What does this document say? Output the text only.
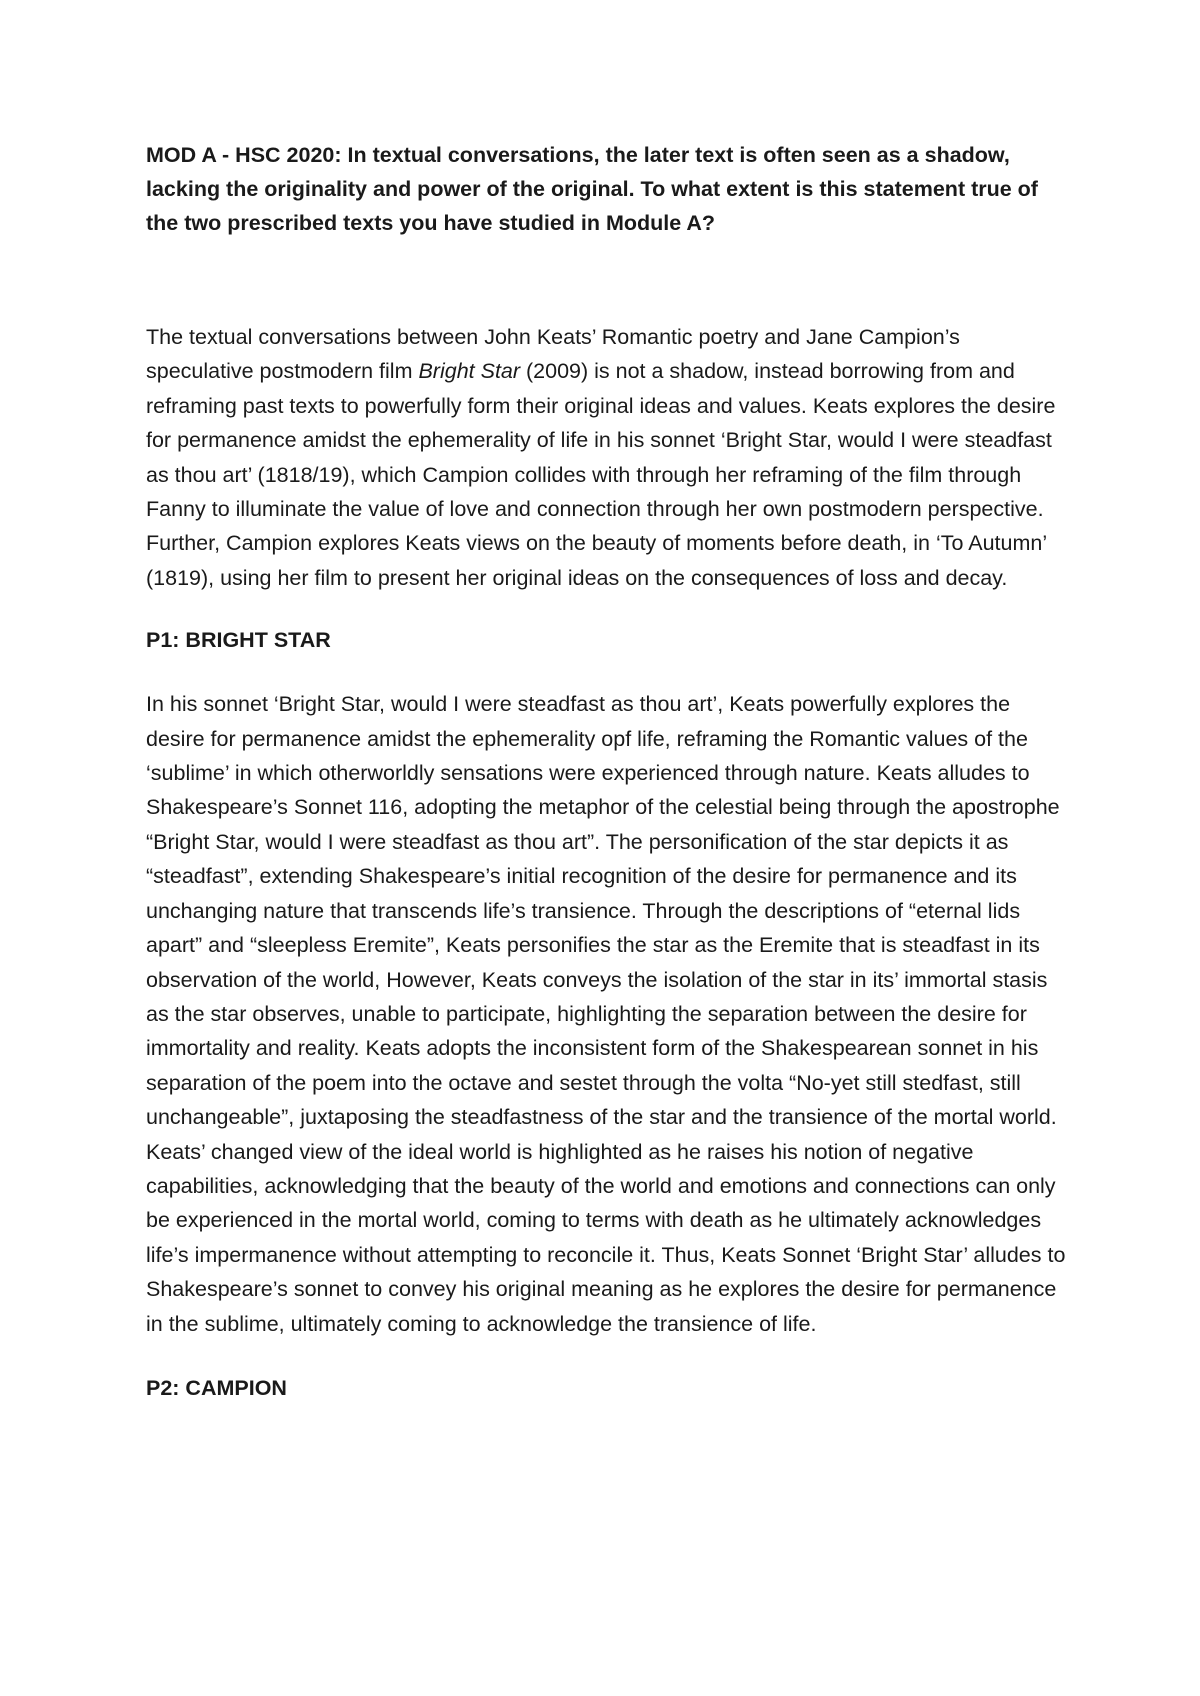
MOD A - HSC 2020: In textual conversations, the later text is often seen as a shadow, lacking the originality and power of the original. To what extent is this statement true of the two prescribed texts you have studied in Module A?

The textual conversations between John Keats’ Romantic poetry and Jane Campion’s speculative postmodern film Bright Star (2009) is not a shadow, instead borrowing from and reframing past texts to powerfully form their original ideas and values. Keats explores the desire for permanence amidst the ephemerality of life in his sonnet ‘Bright Star, would I were steadfast as thou art’ (1818/19), which Campion collides with through her reframing of the film through Fanny to illuminate the value of love and connection through her own postmodern perspective. Further, Campion explores Keats views on the beauty of moments before death, in ‘To Autumn’ (1819), using her film to present her original ideas on the consequences of loss and decay.

P1: BRIGHT STAR

In his sonnet ‘Bright Star, would I were steadfast as thou art’, Keats powerfully explores the desire for permanence amidst the ephemerality opf life, reframing the Romantic values of the ‘sublime’ in which otherworldly sensations were experienced through nature. Keats alludes to Shakespeare’s Sonnet 116, adopting the metaphor of the celestial being through the apostrophe “Bright Star, would I were steadfast as thou art”. The personification of the star depicts it as “steadfast”, extending Shakespeare’s initial recognition of the desire for permanence and its unchanging nature that transcends life’s transience. Through the descriptions of “eternal lids apart” and “sleepless Eremite”, Keats personifies the star as the Eremite that is steadfast in its observation of the world, However, Keats conveys the isolation of the star in its’ immortal stasis as the star observes, unable to participate, highlighting the separation between the desire for immortality and reality. Keats adopts the inconsistent form of the Shakespearean sonnet in his separation of the poem into the octave and sestet through the volta “No-yet still stedfast, still unchangeable”, juxtaposing the steadfastness of the star and the transience of the mortal world. Keats’ changed view of the ideal world is highlighted as he raises his notion of negative capabilities, acknowledging that the beauty of the world and emotions and connections can only be experienced in the mortal world, coming to terms with death as he ultimately acknowledges life’s impermanence without attempting to reconcile it. Thus, Keats Sonnet ‘Bright Star’ alludes to Shakespeare’s sonnet to convey his original meaning as he explores the desire for permanence in the sublime, ultimately coming to acknowledge the transience of life.

P2: CAMPION
